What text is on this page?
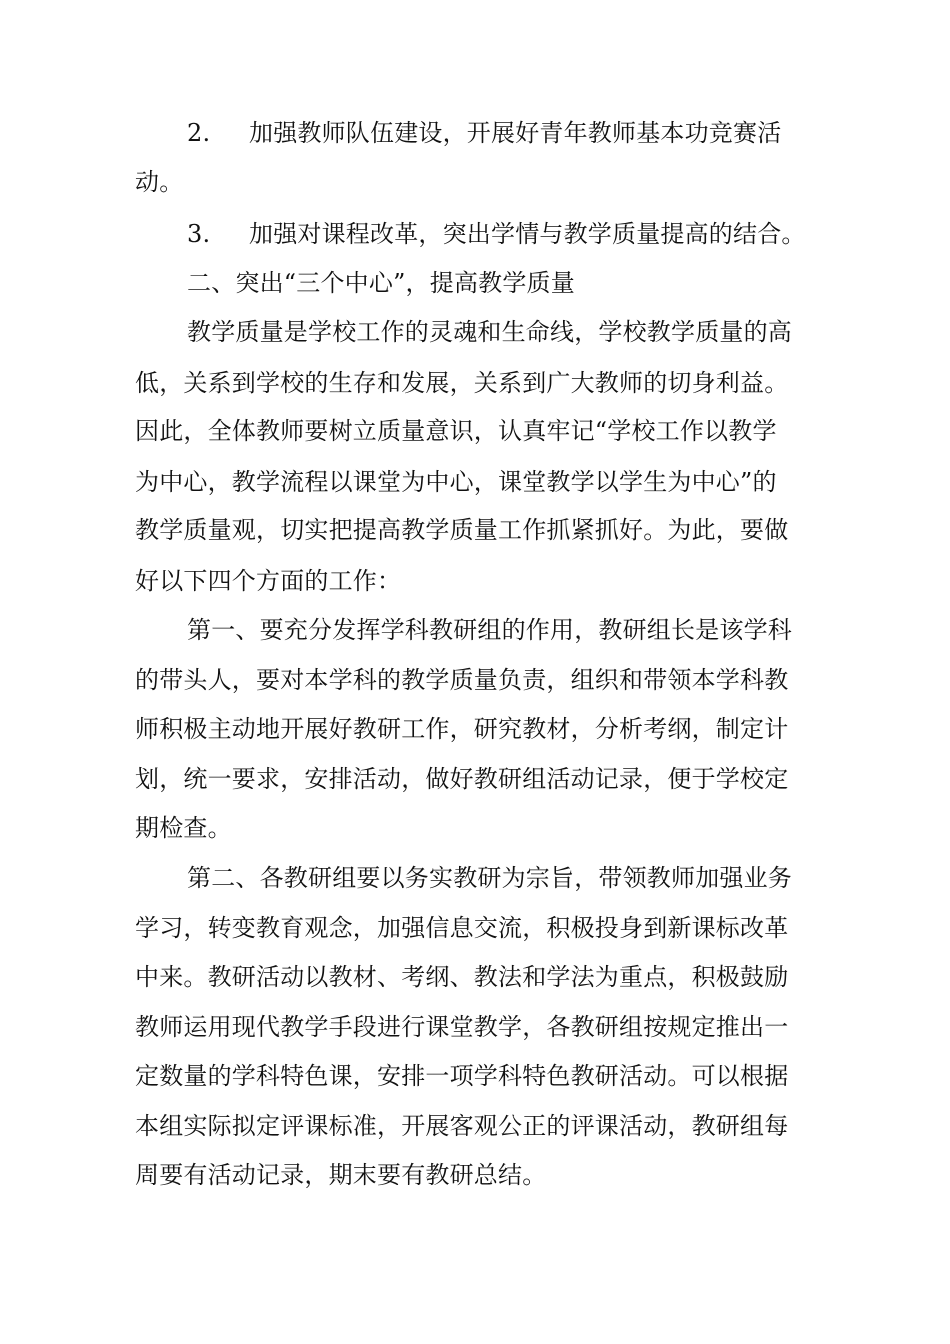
2. 加强教师队伍建设，开展好青年教师基本功竞赛活
动。
3. 加强对课程改革，突出学情与教学质量提高的结合。
二、突出“三个中心”，提高教学质量
教学质量是学校工作的灵魂和生命线，学校教学质量的高
低，关系到学校的生存和发展，关系到广大教师的切身利益。
因此，全体教师要树立质量意识，认真牢记“学校工作以教学
为中心，教学流程以课堂为中心，课堂教学以学生为中心”的
教学质量观，切实把提高教学质量工作抓紧抓好。为此，要做
好以下四个方面的工作：
第一、要充分发挥学科教研组的作用，教研组长是该学科
的带头人，要对本学科的教学质量负责，组织和带领本学科教
师积极主动地开展好教研工作，研究教材，分析考纲，制定计
划，统一要求，安排活动，做好教研组活动记录，便于学校定
期检查。
第二、各教研组要以务实教研为宗旨，带领教师加强业务
学习，转变教育观念，加强信息交流，积极投身到新课标改革
中来。教研活动以教材、考纲、教法和学法为重点，积极鼓励
教师运用现代教学手段进行课堂教学，各教研组按规定推出一
定数量的学科特色课，安排一项学科特色教研活动。可以根据
本组实际拟定评课标准，开展客观公正的评课活动，教研组每
周要有活动记录，期末要有教研总结。
